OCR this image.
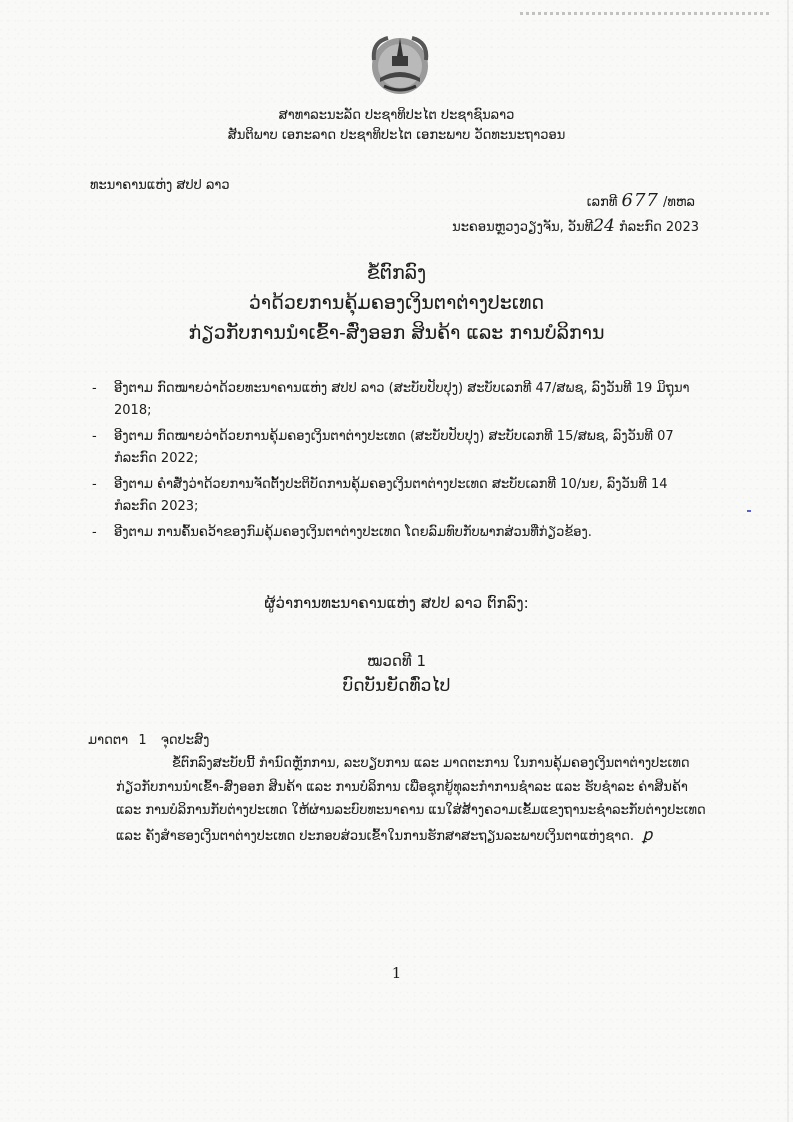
ສາທາລະນະລັດ ປະຊາທິປະໄຕ ປະຊາຊົນລາວ
ສັນຕິພາບ ເອກະລາດ ປະຊາທິປະໄຕ ເອກະພາບ ວັດທະນະຖາວອນ
ທະນາຄານແຫ່ງ ສປປ ລາວ
ເລກທີ 677 /ທຫລ
ນະຄອນຫຼວງວຽງຈັນ, ວັນທີ24 ກໍລະກົດ 2023
ຂໍ້ຕົກລົງ
ວ່າດ້ວຍການຄຸ້ມຄອງເງິນຕາຕ່າງປະເທດ
ກ່ຽວກັບການນໍາເຂົ້າ-ສົ່ງອອກ ສິນຄ້າ ແລະ ການບໍລິການ
-	ອີງຕາມ ກົດໝາຍວ່າດ້ວຍທະນາຄານແຫ່ງ ສປປ ລາວ (ສະບັບປັບປຸງ) ສະບັບເລກທີ 47/ສພຊ, ລົງວັນທີ 19 ມິຖຸນາ 2018;
-	ອີງຕາມ ກົດໝາຍວ່າດ້ວຍການຄຸ້ມຄອງເງິນຕາຕ່າງປະເທດ (ສະບັບປັບປຸງ) ສະບັບເລກທີ 15/ສພຊ, ລົງວັນທີ 07 ກໍລະກົດ 2022;
-	ອີງຕາມ ຄໍາສັ່ງວ່າດ້ວຍການຈັດຕັ້ງປະຕິບັດການຄຸ້ມຄອງເງິນຕາຕ່າງປະເທດ ສະບັບເລກທີ 10/ນຍ, ລົງວັນທີ 14 ກໍລະກົດ 2023;
-	ອີງຕາມ ການຄົ້ນຄວ້າຂອງກົມຄຸ້ມຄອງເງິນຕາຕ່າງປະເທດ ໂດຍລົມທົບກັບພາກສ່ວນທີ່ກ່ຽວຂ້ອງ.
ຜູ້ວ່າການທະນາຄານແຫ່ງ ສປປ ລາວ ຕົກລົງ:
ໝວດທີ 1
ບົດບັນຍັດທົ່ວໄປ
ມາດຕາ 1 ຈຸດປະສົງ
ຂໍ້ຕົກລົງສະບັບນີ້ ກໍານົດຫຼັກການ, ລະບຽບການ ແລະ ມາດຕະການ ໃນການຄຸ້ມຄອງເງິນຕາຕ່າງປະເທດກ່ຽວກັບການນໍາເຂົ້າ-ສົ່ງອອກ ສິນຄ້າ ແລະ ການບໍລິການ ເພື່ອຊຸກຍູ້ທຸລະກໍາການຊໍາລະ ແລະ ຮັບຊໍາລະ ຄ່າສິນຄ້າ ແລະ ການບໍລິການກັບຕ່າງປະເທດ ໃຫ້ຜ່ານລະບົບທະນາຄານ ແນໃສ່ສ້າງຄວາມເຂັ້ມແຂງຖານະຊໍາລະກັບຕ່າງປະເທດ ແລະ ຄັງສໍາຮອງເງິນຕາຕ່າງປະເທດ ປະກອບສ່ວນເຂົ້າໃນການຮັກສາສະຖຽນລະພາບເງິນຕາແຫ່ງຊາດ. ꝑ
1
